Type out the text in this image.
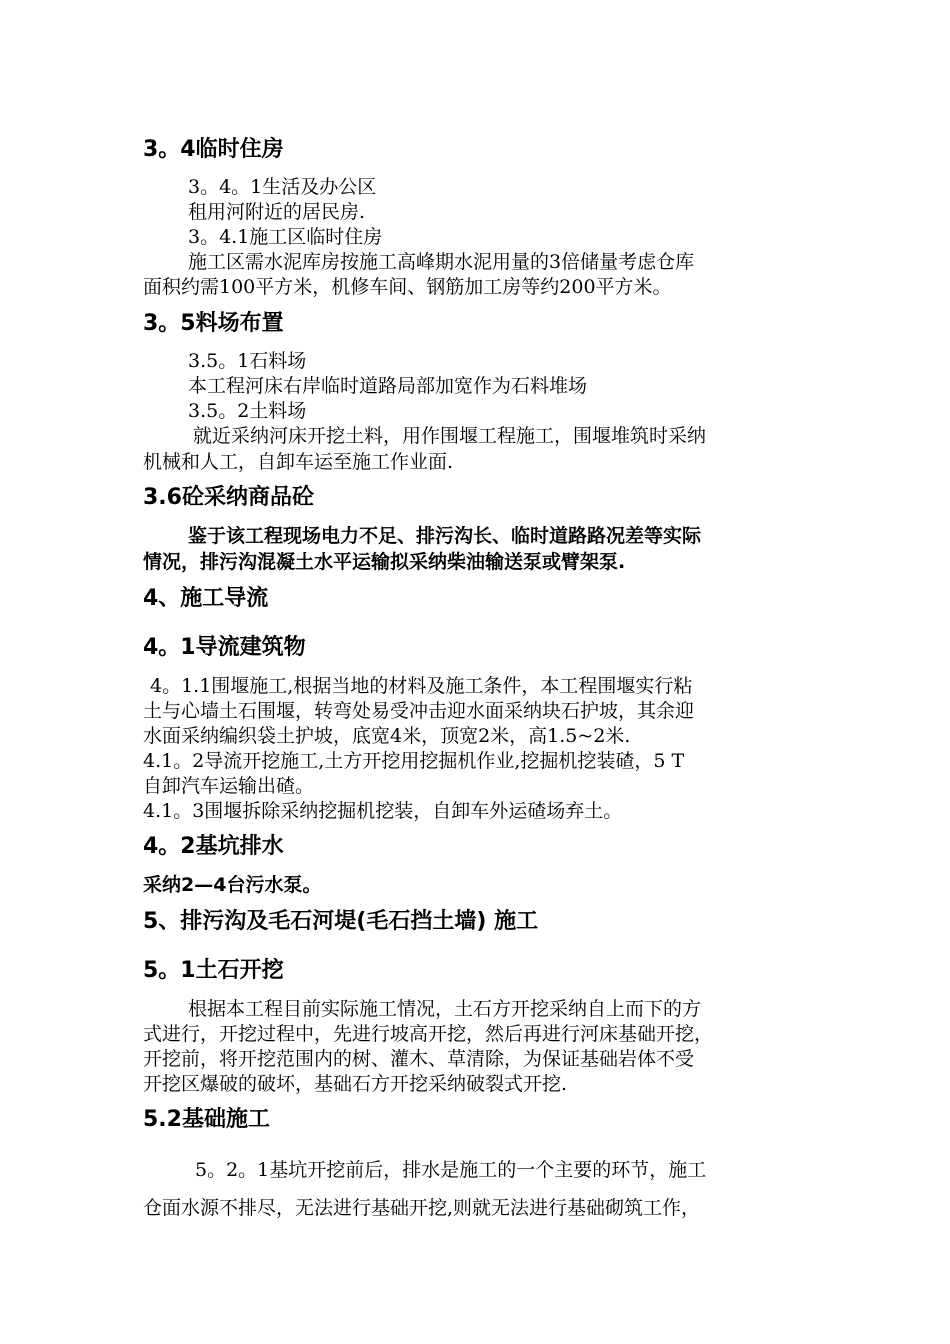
3。4临时住房
3。4。1生活及办公区
租用河附近的居民房.
3。4.1施工区临时住房
施工区需水泥库房按施工高峰期水泥用量的3倍储量考虑仓库
面积约需100平方米，机修车间、钢筋加工房等约200平方米。
3。5料场布置
3.5。1石料场
本工程河床右岸临时道路局部加宽作为石料堆场
3.5。2土料场
就近采纳河床开挖土料，用作围堰工程施工，围堰堆筑时采纳
机械和人工，自卸车运至施工作业面.
3.6砼采纳商品砼
鉴于该工程现场电力不足、排污沟长、临时道路路况差等实际
情况，排污沟混凝土水平运输拟采纳柴油输送泵或臂架泵.
4、施工导流
4。1导流建筑物
4。1.1围堰施工,根据当地的材料及施工条件，本工程围堰实行粘
土与心墙土石围堰，转弯处易受冲击迎水面采纳块石护坡，其余迎
水面采纳编织袋土护坡，底宽4米，顶宽2米，高1.5~2米.
4.1。2导流开挖施工,土方开挖用挖掘机作业,挖掘机挖装碴，5 T
自卸汽车运输出碴。
4.1。3围堰拆除采纳挖掘机挖装，自卸车外运碴场弃土。
4。2基坑排水
采纳2—4台污水泵。
5、排污沟及毛石河堤(毛石挡土墙) 施工
5。1土石开挖
根据本工程目前实际施工情况，土石方开挖采纳自上而下的方
式进行，开挖过程中，先进行坡高开挖，然后再进行河床基础开挖，
开挖前，将开挖范围内的树、灌木、草清除，为保证基础岩体不受
开挖区爆破的破坏，基础石方开挖采纳破裂式开挖.
5.2基础施工
5。2。1基坑开挖前后，排水是施工的一个主要的环节，施工
仓面水源不排尽，无法进行基础开挖,则就无法进行基础砌筑工作，
